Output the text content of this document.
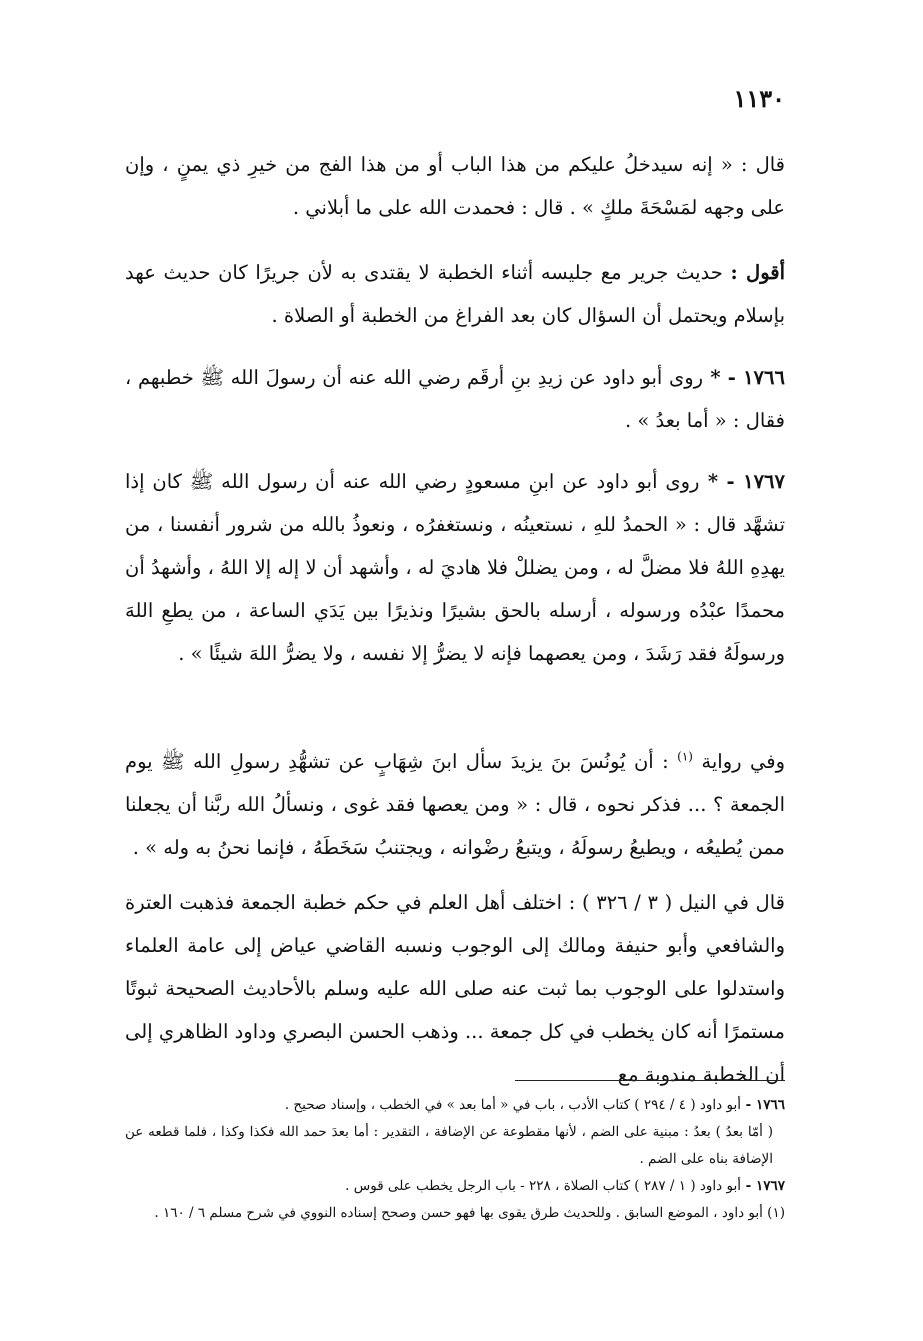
١١٣٠

قال : « إنه سيدخلُ عليكم من هذا الباب أو من هذا الفج من خيرِ ذي يمنٍ ، وإن على وجهه لمَسْحَةَ ملكٍ » . قال : فحمدت الله على ما أبلاني .

أقول : حديث جرير مع جليسه أثناء الخطبة لا يقتدى به لأن جريرًا كان حديث عهد بإسلام ويحتمل أن السؤال كان بعد الفراغ من الخطبة أو الصلاة .

١٧٦٦ - * روى أبو داود عن زيدِ بنِ أرقَم رضي الله عنه أن رسولَ الله ﷺ خطبهم ، فقال : « أما بعدُ » .

١٧٦٧ - * روى أبو داود عن ابنِ مسعودٍ رضي الله عنه أن رسول الله ﷺ كان إذا تشهَّد قال : « الحمدُ للهِ ، نستعينُه ، ونستغفرُه ، ونعوذُ بالله من شرور أنفسنا ، من يهدِهِ اللهُ فلا مضلَّ له ، ومن يضللْ فلا هاديَ له ، وأشهد أن لا إله إلا اللهُ ، وأشهدُ أن محمدًا عبْدُه ورسوله ، أرسله بالحق بشيرًا ونذيرًا بين يَدَي الساعة ، من يطعِ اللهَ ورسولَهُ فقد رَشَدَ ، ومن يعصهما فإنه لا يضرُّ إلا نفسه ، ولا يضرُّ اللهَ شيئًا » .

وفي رواية $^{(١)}$ : أن يُونُسَ بنَ يزيدَ سأل ابنَ شِهَابٍ عن تشهُّدِ رسولِ الله ﷺ يوم الجمعة ؟ ... فذكر نحوه ، قال : « ومن يعصها فقد غوى ، ونسألُ الله ربَّنا أن يجعلنا ممن يُطيعُه ، ويطيعُ رسولَهُ ، ويتبعُ رضْوانه ، ويجتنبُ سَخَطَهُ ، فإنما نحنُ به وله » .

قال في النيل ( ٣ / ٣٢٦ ) : اختلف أهل العلم في حكم خطبة الجمعة فذهبت العترة والشافعي وأبو حنيفة ومالك إلى الوجوب ونسبه القاضي عياض إلى عامة العلماء واستدلوا على الوجوب بما ثبت عنه صلى الله عليه وسلم بالأحاديث الصحيحة ثبوتًا مستمرًا أنه كان يخطب في كل جمعة ... وذهب الحسن البصري وداود الظاهري إلى أن الخطبة مندوبة مع

١٧٦٦ - أبو داود ( ٤ / ٢٩٤ ) كتاب الأدب ، باب في « أما بعد » في الخطب ، وإسناد صحيح .

( أمّا بعدُ ) بعدُ : مبنية على الضم ، لأنها مقطوعة عن الإضافة ، التقدير : أما بعدَ حمد الله فكذا وكذا ، فلما قطعه عن الإضافة بناه على الضم .

١٧٦٧ - أبو داود ( ١ / ٢٨٧ ) كتاب الصلاة ، ٢٢٨ - باب الرجل يخطب على قوس .

(١) أبو داود ، الموضع السابق . وللحديث طرق يقوى بها فهو حسن وصحح إسناده النووي في شرح مسلم ٦ / ١٦٠ .
